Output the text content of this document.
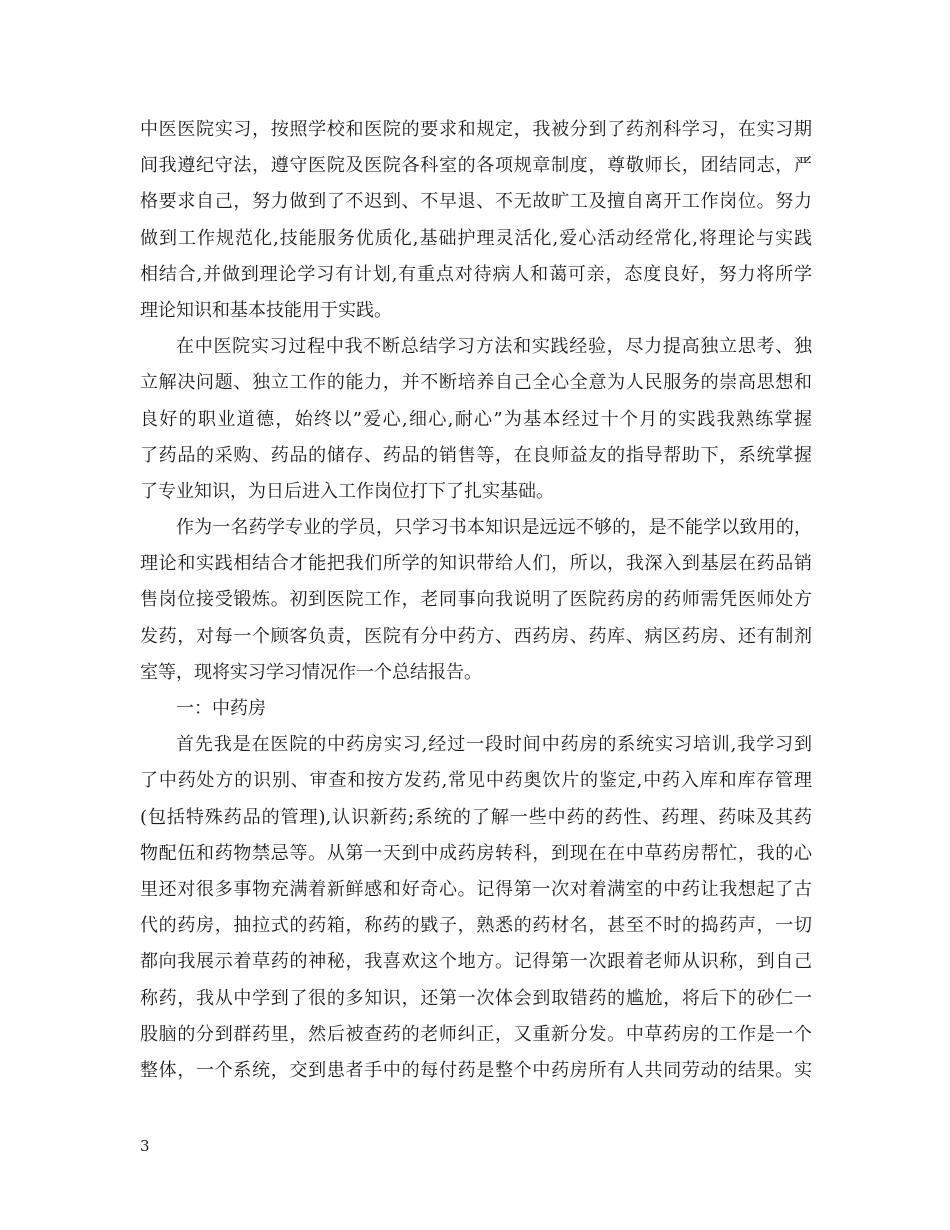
中医医院实习，按照学校和医院的要求和规定，我被分到了药剂科学习，在实习期
间我遵纪守法，遵守医院及医院各科室的各项规章制度，尊敬师长，团结同志，严
格要求自己，努力做到了不迟到、不早退、不无故旷工及擅自离开工作岗位。努力
做到工作规范化,技能服务优质化,基础护理灵活化,爱心活动经常化,将理论与实践
相结合,并做到理论学习有计划,有重点对待病人和蔼可亲，态度良好，努力将所学
理论知识和基本技能用于实践。
在中医院实习过程中我不断总结学习方法和实践经验，尽力提高独立思考、独
立解决问题、独立工作的能力，并不断培养自己全心全意为人民服务的崇高思想和
良好的职业道德，始终以”爱心,细心,耐心”为基本经过十个月的实践我熟练掌握
了药品的采购、药品的储存、药品的销售等，在良师益友的指导帮助下，系统掌握
了专业知识，为日后进入工作岗位打下了扎实基础。
作为一名药学专业的学员，只学习书本知识是远远不够的，是不能学以致用的，
理论和实践相结合才能把我们所学的知识带给人们，所以，我深入到基层在药品销
售岗位接受锻炼。初到医院工作，老同事向我说明了医院药房的药师需凭医师处方
发药，对每一个顾客负责，医院有分中药方、西药房、药库、病区药房、还有制剂
室等，现将实习学习情况作一个总结报告。
一：中药房
首先我是在医院的中药房实习,经过一段时间中药房的系统实习培训,我学习到
了中药处方的识别、审查和按方发药,常见中药奥饮片的鉴定,中药入库和库存管理
(包括特殊药品的管理),认识新药;系统的了解一些中药的药性、药理、药味及其药
物配伍和药物禁忌等。从第一天到中成药房转科，到现在在中草药房帮忙，我的心
里还对很多事物充满着新鲜感和好奇心。记得第一次对着满室的中药让我想起了古
代的药房，抽拉式的药箱，称药的戥子，熟悉的药材名，甚至不时的捣药声，一切
都向我展示着草药的神秘，我喜欢这个地方。记得第一次跟着老师从识称，到自己
称药，我从中学到了很的多知识，还第一次体会到取错药的尴尬，将后下的砂仁一
股脑的分到群药里，然后被查药的老师纠正，又重新分发。中草药房的工作是一个
整体，一个系统，交到患者手中的每付药是整个中药房所有人共同劳动的结果。实
3
